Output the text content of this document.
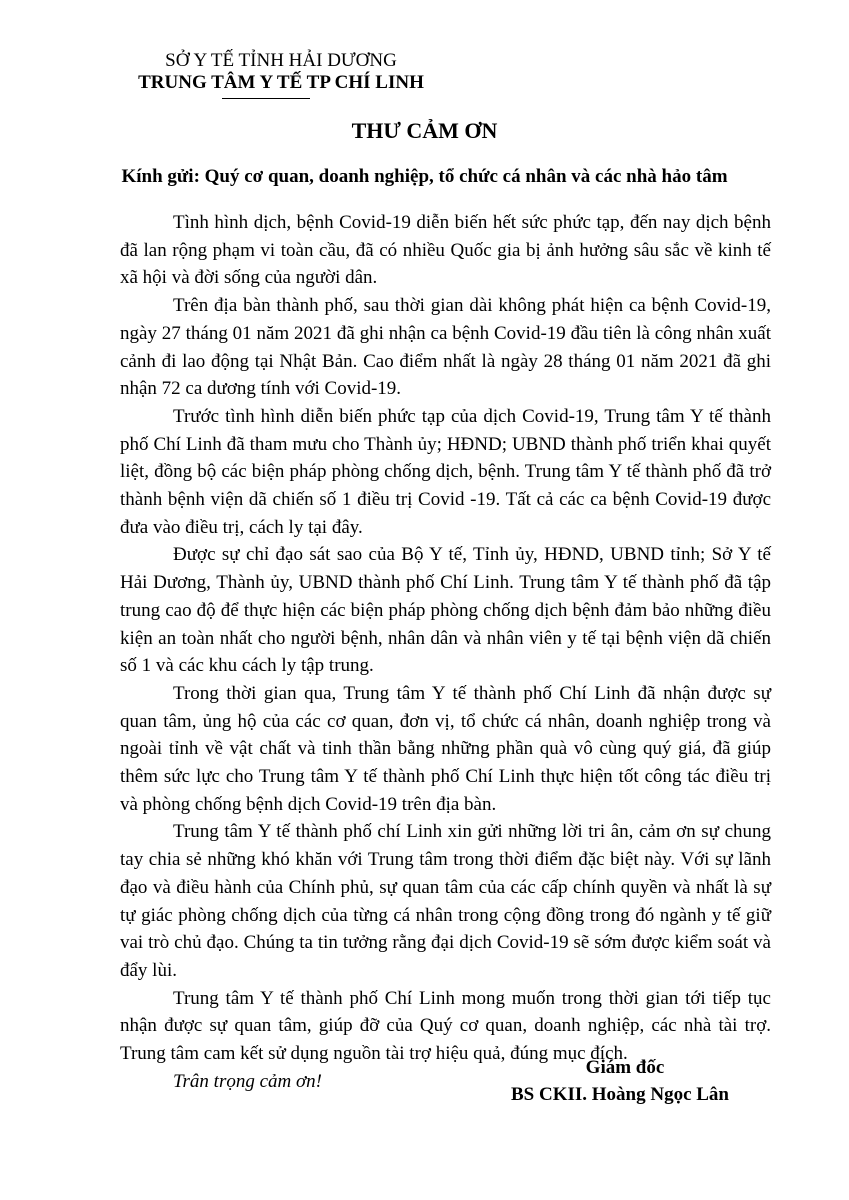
SỞ Y TẾ TỈNH HẢI DƯƠNG
TRUNG TÂM Y TẾ TP CHÍ LINH
THƯ CẢM ƠN
Kính gửi: Quý cơ quan, doanh nghiệp, tổ chức cá nhân và các nhà hảo tâm

Tình hình dịch, bệnh Covid-19 diễn biến hết sức phức tạp, đến nay dịch bệnh đã lan rộng phạm vi toàn cầu, đã có nhiều Quốc gia bị ảnh hưởng sâu sắc về kinh tế xã hội và đời sống của người dân.

Trên địa bàn thành phố, sau thời gian dài không phát hiện ca bệnh Covid-19, ngày 27 tháng 01 năm 2021 đã ghi nhận ca bệnh Covid-19 đầu tiên là công nhân xuất cảnh đi lao động tại Nhật Bản. Cao điểm nhất là ngày 28 tháng 01 năm 2021 đã ghi nhận 72 ca dương tính với Covid-19.

Trước tình hình diễn biến phức tạp của dịch Covid-19, Trung tâm Y tế thành phố Chí Linh đã tham mưu cho Thành ủy; HĐND; UBND thành phố triển khai quyết liệt, đồng bộ các biện pháp phòng chống dịch, bệnh. Trung tâm Y tế thành phố đã trở thành bệnh viện dã chiến số 1 điều trị Covid -19. Tất cả các ca bệnh Covid-19 được đưa vào điều trị, cách ly tại đây.

Được sự chỉ đạo sát sao của Bộ Y tế, Tỉnh ủy, HĐND, UBND tỉnh; Sở Y tế Hải Dương, Thành ủy, UBND thành phố Chí Linh. Trung tâm Y tế thành phố đã tập trung cao độ để thực hiện các biện pháp phòng chống dịch bệnh đảm bảo những điều kiện an toàn nhất cho người bệnh, nhân dân và nhân viên y tế tại bệnh viện dã chiến số 1 và các khu cách ly tập trung.

Trong thời gian qua, Trung tâm Y tế thành phố Chí Linh đã nhận được sự quan tâm, ủng hộ của các cơ quan, đơn vị, tổ chức cá nhân, doanh nghiệp trong và ngoài tỉnh về vật chất và tinh thần bằng những phần quà vô cùng quý giá, đã giúp thêm sức lực cho Trung tâm Y tế thành phố Chí Linh thực hiện tốt công tác điều trị và phòng chống bệnh dịch Covid-19 trên địa bàn.

Trung tâm Y tế thành phố chí Linh xin gửi những lời tri ân, cảm ơn sự chung tay chia sẻ những khó khăn với Trung tâm trong thời điểm đặc biệt này. Với sự lãnh đạo và điều hành của Chính phủ, sự quan tâm của các cấp chính quyền và nhất là sự tự giác phòng chống dịch của từng cá nhân trong cộng đồng trong đó ngành y tế giữ vai trò chủ đạo. Chúng ta tin tưởng rằng đại dịch Covid-19 sẽ sớm được kiểm soát và đẩy lùi.

Trung tâm Y tế thành phố Chí Linh mong muốn trong thời gian tới tiếp tục nhận được sự quan tâm, giúp đỡ của Quý cơ quan, doanh nghiệp, các nhà tài trợ. Trung tâm cam kết sử dụng nguồn tài trợ hiệu quả, đúng mục đích.

Trân trọng cảm ơn!

Giám đốc

BS CKII. Hoàng Ngọc Lân
